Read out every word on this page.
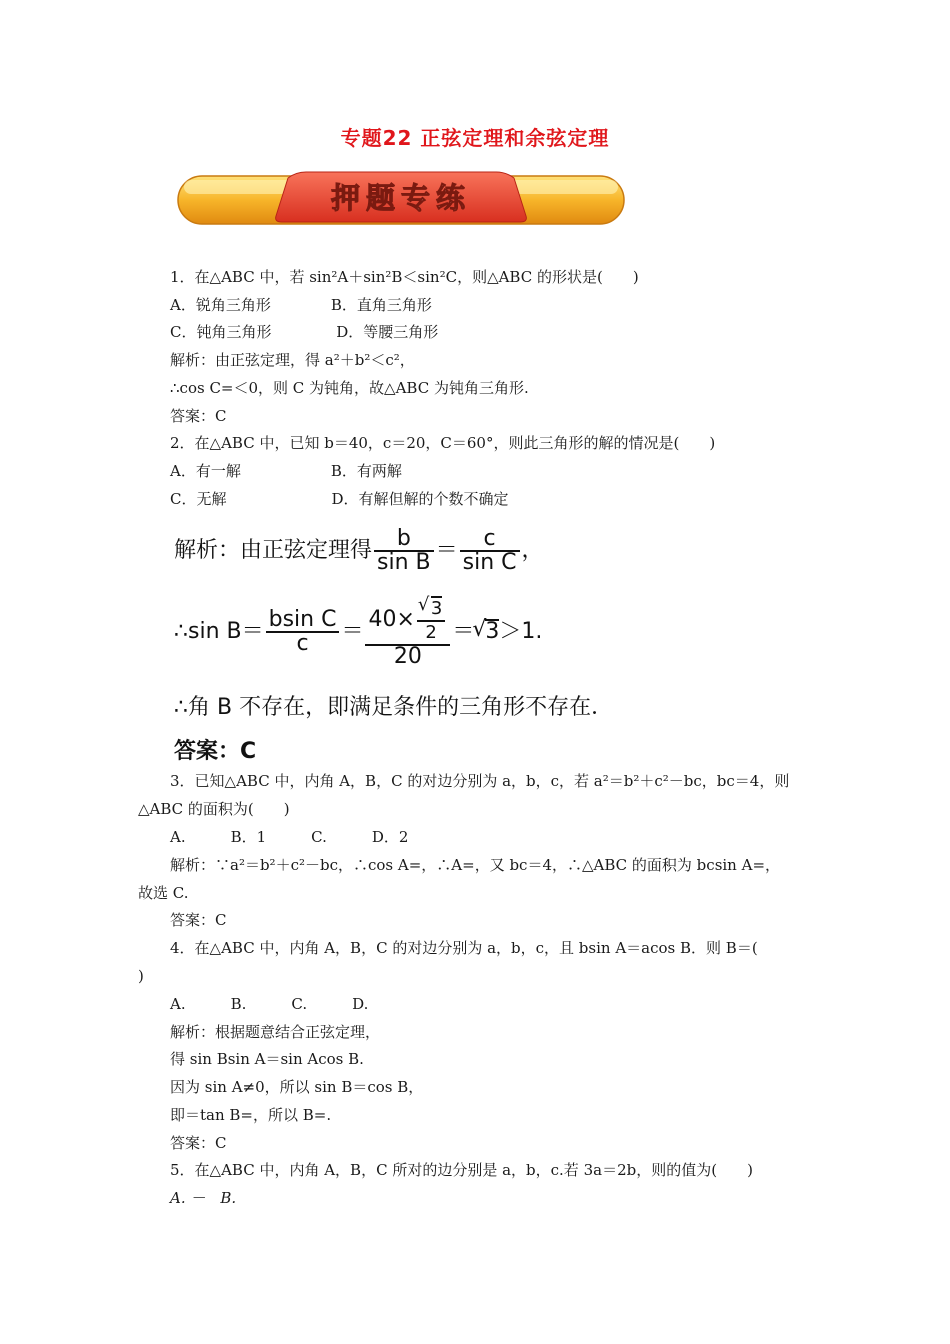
专题22 正弦定理和余弦定理
押题专练
1．在△ABC 中，若 sin²A＋sin²B＜sin²C，则△ABC 的形状是(　　)
A．锐角三角形　　　　B．直角三角形
C．钝角三角形　　　　 D．等腰三角形
解析：由正弦定理，得 a²＋b²＜c²，
∴cos C=＜0，则 C 为钝角，故△ABC 为钝角三角形.
答案：C
2．在△ABC 中，已知 b＝40，c＝20，C＝60°，则此三角形的解的情况是(　　)
A．有一解　　　　　　B．有两解
C．无解　　　　　　　D．有解但解的个数不确定
解析：由正弦定理得 $\frac{b}{\text{sin B}} = \frac{c}{\text{sin C}}$ ，
∴sin $B= \frac{\text{bsin C}}{c} = 40\times$
√ $\frac{3}{2}$
20 ＝√ 3＞1.
∴角 B 不存在，即满足条件的三角形不存在．
答案：C
3．已知△ABC 中，内角 A，B，C 的对边分别为 a，b，c，若 a²＝b²＋c²－bc，bc＝4，则
△ABC 的面积为(　　)
A.　　　B．1　　　C.　　　D．2
解析：∵a²＝b²＋c²－bc，∴cos A=，∴A=，又 bc＝4，∴△ABC 的面积为 bcsin A=，
故选 C.
答案：C
4．在△ABC 中，内角 A，B，C 的对边分别为 a，b，c，且 bsin A＝acos B．则 B＝(
)
A.　　　B.　　　C.　　　D.
解析：根据题意结合正弦定理，
得 sin Bsin A＝sin Acos B.
因为 sin A≠0，所以 sin B＝cos B，
即＝tan B=，所以 B=.
答案：C
5．在△ABC 中，内角 A，B，C 所对的边分别是 a，b，c.若 3a＝2b，则的值为(　　)
A. －　B.
